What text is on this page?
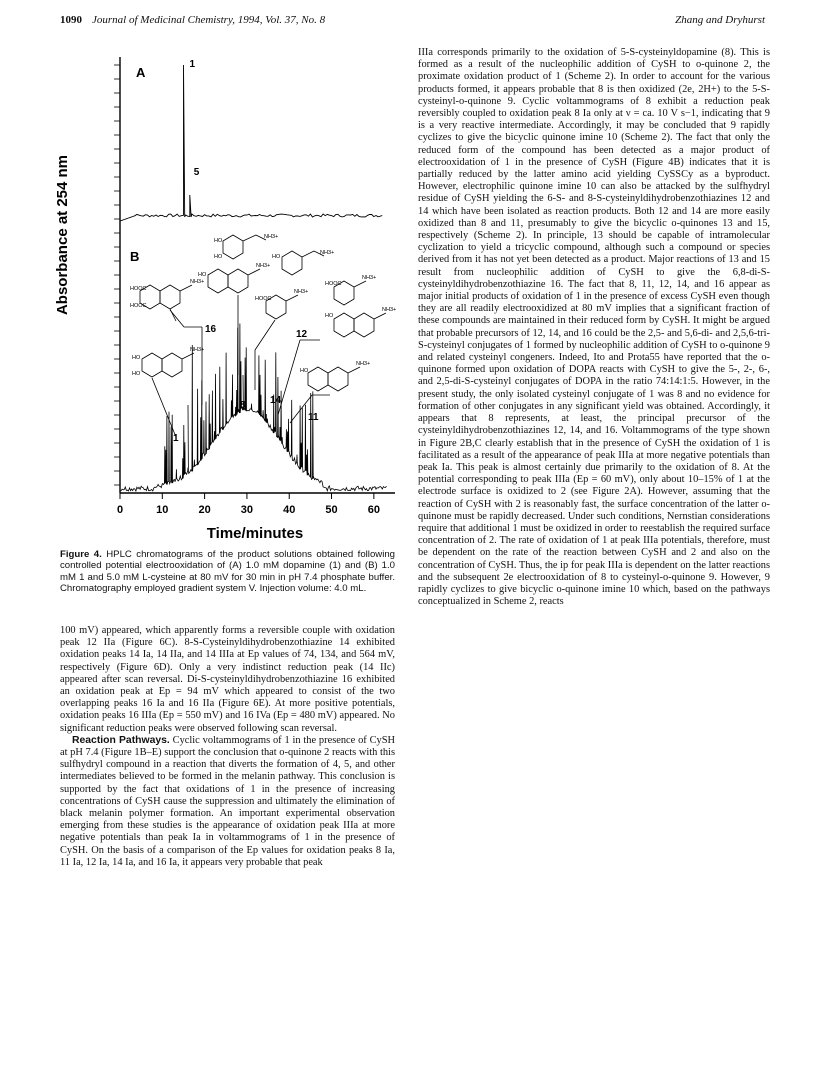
1090 Journal of Medicinal Chemistry, 1994, Vol. 37, No. 8	Zhang and Dryhurst
Absorbance at 254 nm
0	10	20	30	40	50	60
A
B
1
5
16	12
14
11
8
1
HO
HO
NH3+
HO
NH3+
HOOC
HOOC
NH3+
HO
NH3+
HOOC
NH3+
HO
NH3+
HO
HO
NH3+
HO
NH3+
HOOC
NH3+
Time/minutes
Figure 4. HPLC chromatograms of the product solutions obtained following controlled potential electrooxidation of (A) 1.0 mM dopamine (1) and (B) 1.0 mM 1 and 5.0 mM L-cysteine at 80 mV for 30 min in pH 7.4 phosphate buffer. Chromatography employed gradient system V. Injection volume: 4.0 mL.

100 mV) appeared, which apparently forms a reversible couple with oxidation peak 12 IIa (Figure 6C). 8-S-Cysteinyldihydrobenzothiazine 14 exhibited oxidation peaks 14 Ia, 14 IIa, and 14 IIIa at Ep values of 74, 134, and 564 mV, respectively (Figure 6D). Only a very indistinct reduction peak (14 IIc) appeared after scan reversal. Di-S-cysteinyldihydrobenzothiazine 16 exhibited an oxidation peak at Ep = 94 mV which appeared to consist of the two overlapping peaks 16 Ia and 16 IIa (Figure 6E). At more positive potentials, oxidation peaks 16 IIIa (Ep = 550 mV) and 16 IVa (Ep = 480 mV) appeared. No significant reduction peaks were observed following scan reversal.

Reaction Pathways. Cyclic voltammograms of 1 in the presence of CySH at pH 7.4 (Figure 1B–E) support the conclusion that o-quinone 2 reacts with this sulfhydryl compound in a reaction that diverts the formation of 4, 5, and other intermediates believed to be formed in the melanin pathway. This conclusion is supported by the fact that oxidations of 1 in the presence of increasing concentrations of CySH cause the suppression and ultimately the elimination of black melanin polymer formation. An important experimental observation emerging from these studies is the appearance of oxidation peak IIIa at more negative potentials than peak Ia in voltammograms of 1 in the presence of CySH. On the basis of a comparison of the Ep values for oxidation peaks 8 Ia, 11 Ia, 12 Ia, 14 Ia, and 16 Ia, it appears very probable that peak

IIIa corresponds primarily to the oxidation of 5-S-cysteinyldopamine (8). This is formed as a result of the nucleophilic addition of CySH to o-quinone 2, the proximate oxidation product of 1 (Scheme 2). In order to account for the various products formed, it appears probable that 8 is then oxidized (2e, 2H+) to the 5-S-cysteinyl-o-quinone 9. Cyclic voltammograms of 8 exhibit a reduction peak reversibly coupled to oxidation peak 8 Ia only at ν = ca. 10 V s−1, indicating that 9 is a very reactive intermediate. Accordingly, it may be concluded that 9 rapidly cyclizes to give the bicyclic quinone imine 10 (Scheme 2). The fact that only the reduced form of the compound has been detected as a major product of electrooxidation of 1 in the presence of CySH (Figure 4B) indicates that it is partially reduced by the latter amino acid yielding CySSCy as a byproduct. However, electrophilic quinone imine 10 can also be attacked by the sulfhydryl residue of CySH yielding the 6-S- and 8-S-cysteinyldihydrobenzothiazines 12 and 14 which have been isolated as reaction products. Both 12 and 14 are more easily oxidized than 8 and 11, presumably to give the bicyclic o-quinones 13 and 15, respectively (Scheme 2). In principle, 13 should be capable of intramolecular cyclization to yield a tricyclic compound, although such a compound or species derived from it has not yet been detected as a product. Major reactions of 13 and 15 result from nucleophilic addition of CySH to give the 6,8-di-S-cysteinyldihydrobenzothiazine 16. The fact that 8, 11, 12, 14, and 16 appear as major initial products of oxidation of 1 in the presence of excess CySH even though they are all readily electrooxidized at 80 mV implies that a significant fraction of these compounds are maintained in their reduced form by CySH. It might be argued that probable precursors of 12, 14, and 16 could be the 2,5- and 5,6-di- and 2,5,6-tri-S-cysteinyl conjugates of 1 formed by nucleophilic addition of CySH to o-quinone 9 and related cysteinyl congeners. Indeed, Ito and Prota55 have reported that the o-quinone formed upon oxidation of DOPA reacts with CySH to give the 5-, 2-, 6-, and 2,5-di-S-cysteinyl conjugates of DOPA in the ratio 74:14:1:5. However, in the present study, the only isolated cysteinyl conjugate of 1 was 8 and no evidence for formation of other conjugates in any significant yield was obtained. Accordingly, it appears that 8 represents, at least, the principal precursor of the cysteinyldihydrobenzothiazines 12, 14, and 16. Voltammograms of the type shown in Figure 2B,C clearly establish that in the presence of CySH the oxidation of 1 is facilitated as a result of the appearance of peak IIIa at more negative potentials than peak Ia. This peak is almost certainly due primarily to the oxidation of 8. At the potential corresponding to peak IIIa (Ep = 60 mV), only about 10–15% of 1 at the electrode surface is oxidized to 2 (see Figure 2A). However, assuming that the reaction of CySH with 2 is reasonably fast, the surface concentration of the latter o-quinone must be rapidly decreased. Under such conditions, Nernstian considerations require that additional 1 must be oxidized in order to reestablish the required surface concentration of 2. The rate of oxidation of 1 at peak IIIa potentials, therefore, must be dependent on the rate of the reaction between CySH and 2 and also on the concentration of CySH. Thus, the ip for peak IIIa is dependent on the latter reactions and the subsequent 2e electrooxidation of 8 to cysteinyl-o-quinone 9. However, 9 rapidly cyclizes to give bicyclic o-quinone imine 10 which, based on the pathways conceptualized in Scheme 2, reacts
